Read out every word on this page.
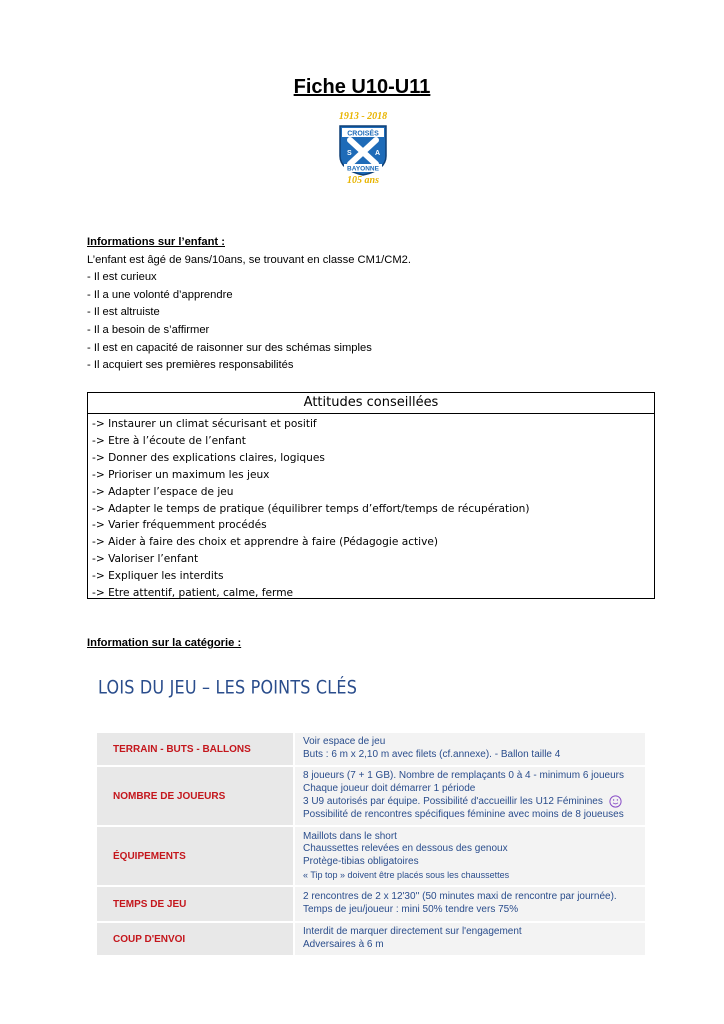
Fiche U10-U11
1913 - 2018
CROISÉS
S	A
BAYONNE
105 ans
Informations sur l’enfant :
L’enfant est âgé de 9ans/10ans, se trouvant en classe CM1/CM2.
- Il est curieux
- Il a une volonté d’apprendre
- Il est altruiste
- Il a besoin de s’affirmer
- Il est en capacité de raisonner sur des schémas simples
- Il acquiert ses premières responsabilités
Attitudes conseillées
-> Instaurer un climat sécurisant et positif
-> Etre à l’écoute de l’enfant
-> Donner des explications claires, logiques
-> Prioriser un maximum les jeux
-> Adapter l’espace de jeu
-> Adapter le temps de pratique (équilibrer temps d’effort/temps de récupération)
-> Varier fréquemment procédés
-> Aider à faire des choix et apprendre à faire (Pédagogie active)
-> Valoriser l’enfant
-> Expliquer les interdits
-> Etre attentif, patient, calme, ferme
Information sur la catégorie :
LOIS DU JEU – LES POINTS CLÉS
TERRAIN - BUTS - BALLONS		Voir espace de jeu
Buts : 6 m x 2,10 m avec filets (cf.annexe). - Ballon taille 4

NOMBRE DE JOUEURS		8 joueurs (7 + 1 GB). Nombre de remplaçants 0 à 4 - minimum 6 joueurs
Chaque joueur doit démarrer 1 période
3 U9 autorisés par équipe. Possibilité d'accueillir les U12 Féminines
Possibilité de rencontres spécifiques féminine avec moins de 8 joueuses

ÉQUIPEMENTS		Maillots dans le short
Chaussettes relevées en dessous des genoux
Protège-tibias obligatoires
« Tip top » doivent être placés sous les chaussettes

TEMPS DE JEU		2 rencontres de 2 x 12'30'' (50 minutes maxi de rencontre par journée).
Temps de jeu/joueur : mini 50% tendre vers 75%

COUP D'ENVOI		Interdit de marquer directement sur l'engagement
Adversaires à 6 m
